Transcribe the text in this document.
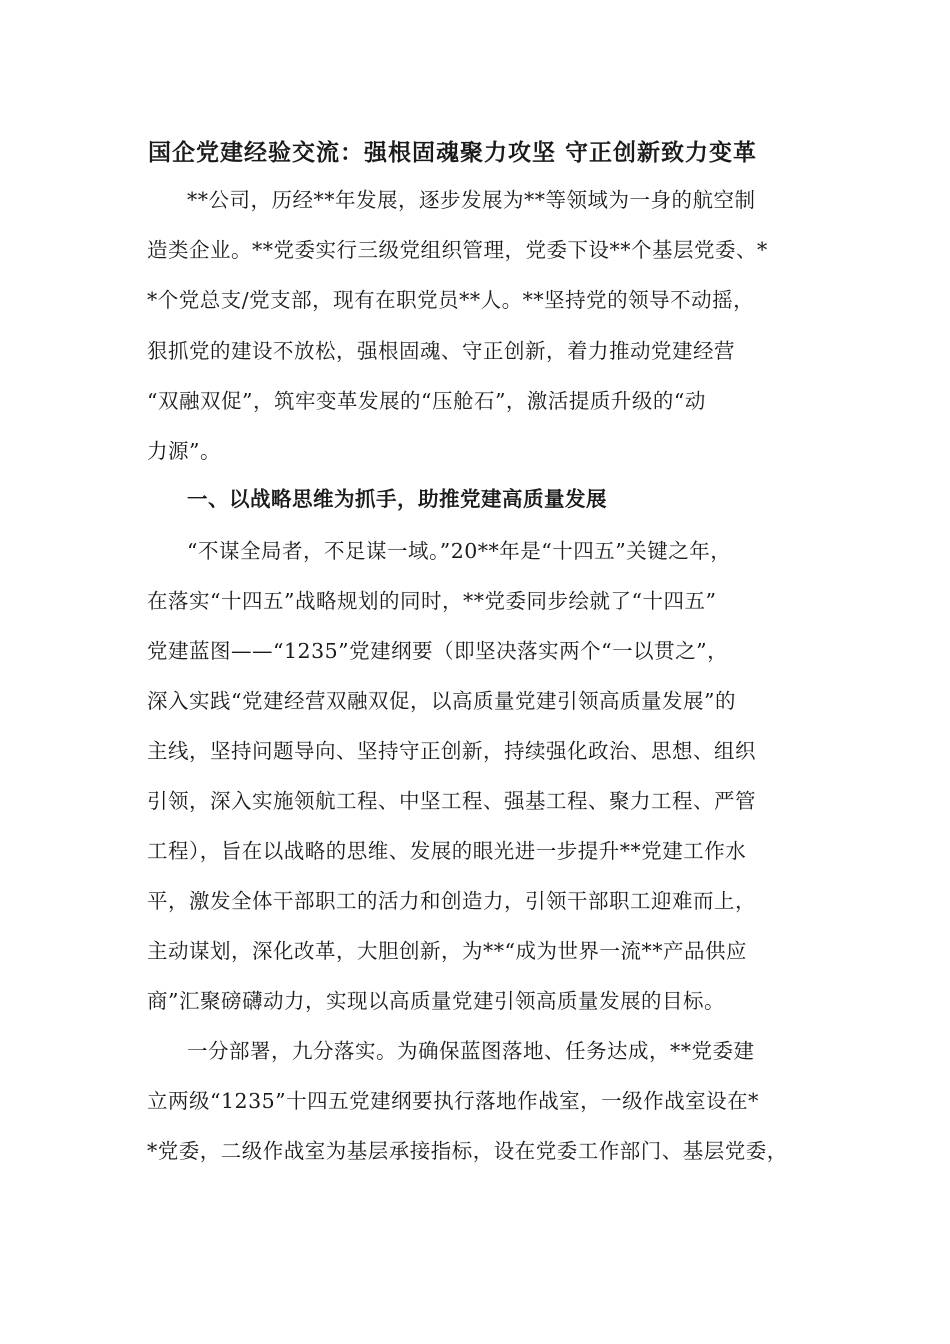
国企党建经验交流：强根固魂聚力攻坚 守正创新致力变革
**公司，历经**年发展，逐步发展为**等领域为一身的航空制
造类企业。**党委实行三级党组织管理，党委下设**个基层党委、*
*个党总支/党支部，现有在职党员**人。**坚持党的领导不动摇，
狠抓党的建设不放松，强根固魂、守正创新，着力推动党建经营
“双融双促”，筑牢变革发展的“压舱石”，激活提质升级的“动
力源”。
一、以战略思维为抓手，助推党建高质量发展
“不谋全局者，不足谋一域。”20**年是“十四五”关键之年，
在落实“十四五”战略规划的同时，**党委同步绘就了“十四五”
党建蓝图——“1235”党建纲要（即坚决落实两个“一以贯之”，
深入实践“党建经营双融双促，以高质量党建引领高质量发展”的
主线，坚持问题导向、坚持守正创新，持续强化政治、思想、组织
引领，深入实施领航工程、中坚工程、强基工程、聚力工程、严管
工程），旨在以战略的思维、发展的眼光进一步提升**党建工作水
平，激发全体干部职工的活力和创造力，引领干部职工迎难而上，
主动谋划，深化改革，大胆创新，为**“成为世界一流**产品供应
商”汇聚磅礴动力，实现以高质量党建引领高质量发展的目标。
一分部署，九分落实。为确保蓝图落地、任务达成，**党委建
立两级“1235”十四五党建纲要执行落地作战室，一级作战室设在*
*党委，二级作战室为基层承接指标，设在党委工作部门、基层党委，
